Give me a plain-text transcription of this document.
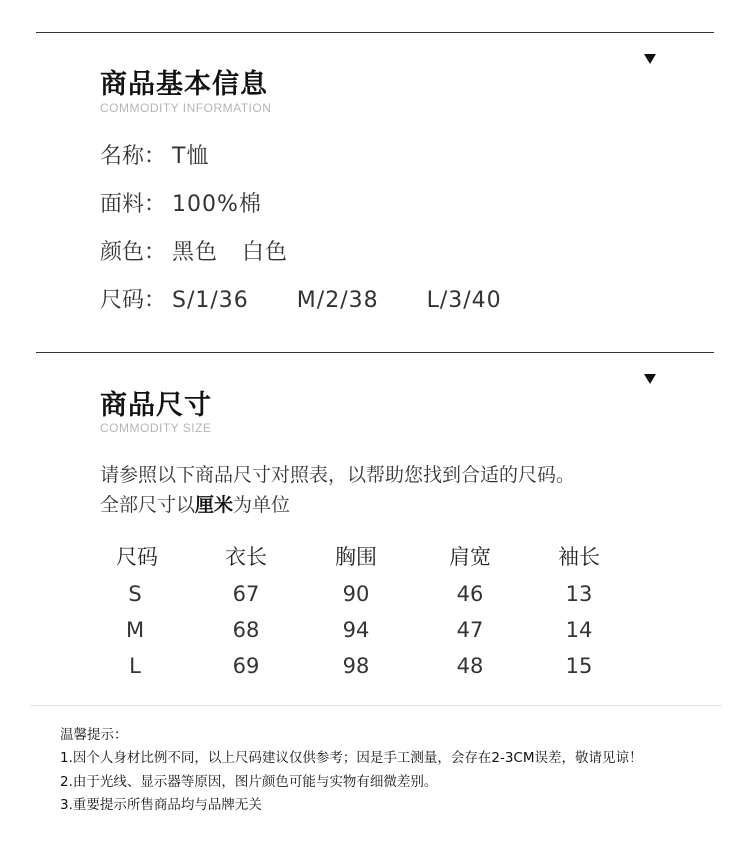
商品基本信息
COMMODITY INFORMATION
名称： T恤
面料： 100%棉
颜色： 黑色 白色
尺码： S/1/36 M/2/38 L/3/40
商品尺寸
COMMODITY SIZE
请参照以下商品尺寸对照表，以帮助您找到合适的尺码。
全部尺寸以厘米为单位
尺码	衣长	胸围	肩宽	袖长
S	67	90	46	13
M	68	94	47	14
L	69	98	48	15
温馨提示：
1.因个人身材比例不同，以上尺码建议仅供参考；因是手工测量，会存在2-3CM误差，敬请见谅！
2.由于光线、显示器等原因，图片颜色可能与实物有细微差别。
3.重要提示所售商品均与品牌无关
